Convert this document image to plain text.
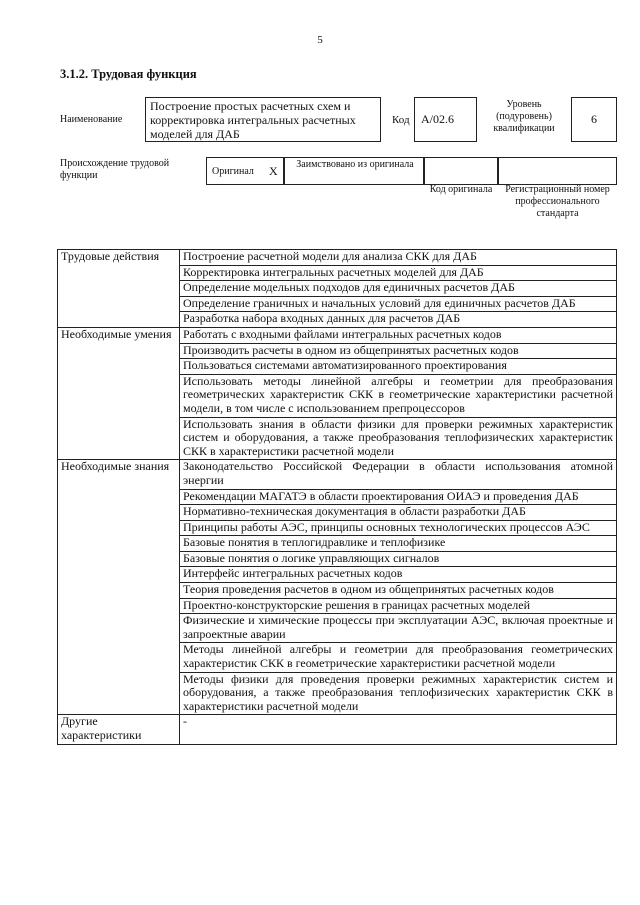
5
3.1.2. Трудовая функция
Наименование
Построение простых расчетных схем и корректировка интегральных расчетных моделей для ДАБ
Код A/02.6
Уровень (подуровень) квалификации
6
Происхождение трудовой функции	Оригинал X	Заимствовано из оригинала
Код оригинала	Регистрационный номер профессионального стандарта
Трудовые действия	Построение расчетной модели для анализа СКК для ДАБ
	Корректировка интегральных расчетных моделей для ДАБ
	Определение модельных подходов для единичных расчетов ДАБ
	Определение граничных и начальных условий для единичных расчетов ДАБ
	Разработка набора входных данных для расчетов ДАБ
Необходимые умения	Работать с входными файлами интегральных расчетных кодов
	Производить расчеты в одном из общепринятых расчетных кодов
	Пользоваться системами автоматизированного проектирования
	Использовать методы линейной алгебры и геометрии для преобразования геометрических характеристик СКК в геометрические характеристики расчетной модели, в том числе с использованием препроцессоров
	Использовать знания в области физики для проверки режимных характеристик систем и оборудования, а также преобразования теплофизических характеристик СКК в характеристики расчетной модели
Необходимые знания	Законодательство Российской Федерации в области использования атомной энергии
	Рекомендации МАГАТЭ в области проектирования ОИАЭ и проведения ДАБ
	Нормативно-техническая документация в области разработки ДАБ
	Принципы работы АЭС, принципы основных технологических процессов АЭС
	Базовые понятия в теплогидравлике и теплофизике
	Базовые понятия о логике управляющих сигналов
	Интерфейс интегральных расчетных кодов
	Теория проведения расчетов в одном из общепринятых расчетных кодов
	Проектно-конструкторские решения в границах расчетных моделей
	Физические и химические процессы при эксплуатации АЭС, включая проектные и запроектные аварии
	Методы линейной алгебры и геометрии для преобразования геометрических характеристик СКК в геометрические характеристики расчетной модели
	Методы физики для проведения проверки режимных характеристик систем и оборудования, а также преобразования теплофизических характеристик СКК в характеристики расчетной модели
Другие характеристики	-
